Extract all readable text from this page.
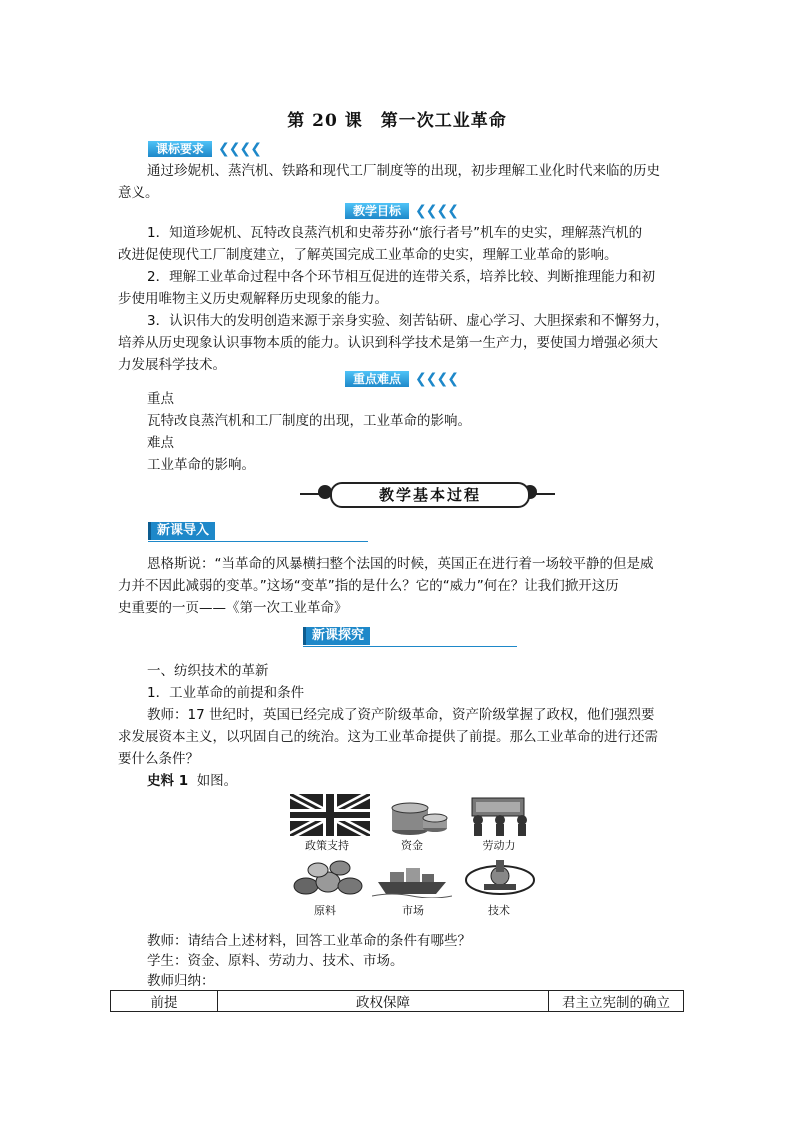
第 20 课　第一次工业革命
课标要求	❮❮❮❮
通过珍妮机、蒸汽机、铁路和现代工厂制度等的出现，初步理解工业化时代来临的历史
意义。
教学目标	❮❮❮❮
1．知道珍妮机、瓦特改良蒸汽机和史蒂芬孙“旅行者号”机车的史实，理解蒸汽机的
改进促使现代工厂制度建立，了解英国完成工业革命的史实，理解工业革命的影响。
2．理解工业革命过程中各个环节相互促进的连带关系，培养比较、判断推理能力和初
步使用唯物主义历史观解释历史现象的能力。
3．认识伟大的发明创造来源于亲身实验、刻苦钻研、虚心学习、大胆探索和不懈努力，
培养从历史现象认识事物本质的能力。认识到科学技术是第一生产力，要使国力增强必须大
力发展科学技术。
重点难点	❮❮❮❮
重点
瓦特改良蒸汽机和工厂制度的出现，工业革命的影响。
难点
工业革命的影响。
教学基本过程
新课导入
恩格斯说：“当革命的风暴横扫整个法国的时候，英国正在进行着一场较平静的但是威
力并不因此减弱的变革。”这场“变革”指的是什么？它的“威力”何在？让我们掀开这历
史重要的一页——《第一次工业革命》
新课探究
一、纺织技术的革新
1．工业革命的前提和条件
教师：17 世纪时，英国已经完成了资产阶级革命，资产阶级掌握了政权，他们强烈要
求发展资本主义，以巩固自己的统治。这为工业革命提供了前提。那么工业革命的进行还需
要什么条件？
史料 1 如图。
政策支持	资金	劳动力
原料	市场	技术
教师：请结合上述材料，回答工业革命的条件有哪些？
学生：资金、原料、劳动力、技术、市场。
教师归纳：
前提	政权保障	君主立宪制的确立
